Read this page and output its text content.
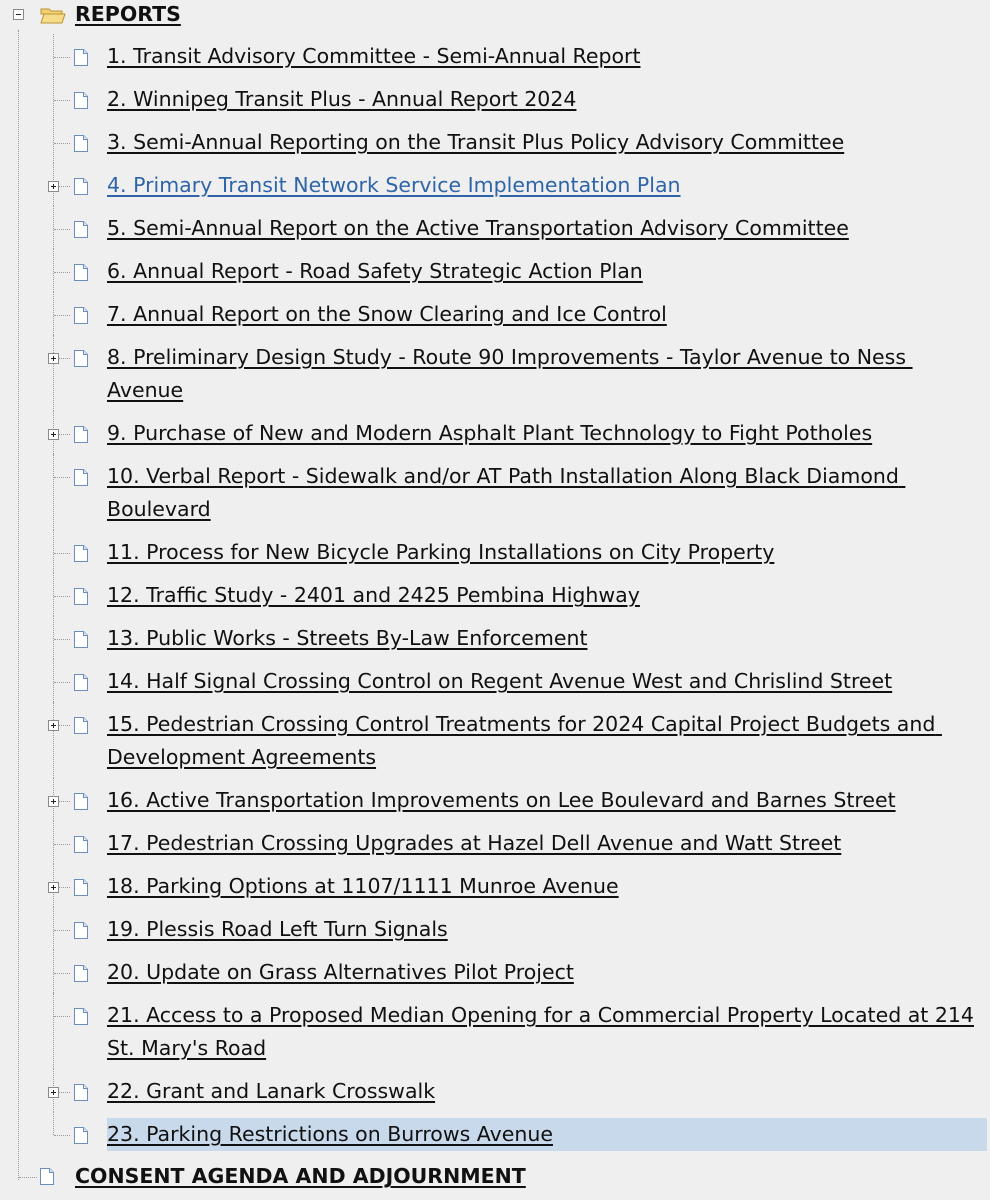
REPORTS
1. Transit Advisory Committee - Semi-Annual Report
2. Winnipeg Transit Plus - Annual Report 2024
3. Semi-Annual Reporting on the Transit Plus Policy Advisory Committee
4. Primary Transit Network Service Implementation Plan
5. Semi-Annual Report on the Active Transportation Advisory Committee
6. Annual Report - Road Safety Strategic Action Plan
7. Annual Report on the Snow Clearing and Ice Control
8. Preliminary Design Study - Route 90 Improvements - Taylor Avenue to Ness Avenue
9. Purchase of New and Modern Asphalt Plant Technology to Fight Potholes
10. Verbal Report - Sidewalk and/or AT Path Installation Along Black Diamond Boulevard
11. Process for New Bicycle Parking Installations on City Property
12. Traffic Study - 2401 and 2425 Pembina Highway
13. Public Works - Streets By-Law Enforcement
14. Half Signal Crossing Control on Regent Avenue West and Chrislind Street
15. Pedestrian Crossing Control Treatments for 2024 Capital Project Budgets and Development Agreements
16. Active Transportation Improvements on Lee Boulevard and Barnes Street
17. Pedestrian Crossing Upgrades at Hazel Dell Avenue and Watt Street
18. Parking Options at 1107/1111 Munroe Avenue
19. Plessis Road Left Turn Signals
20. Update on Grass Alternatives Pilot Project
21. Access to a Proposed Median Opening for a Commercial Property Located at 214
St. Mary's Road
22. Grant and Lanark Crosswalk
23. Parking Restrictions on Burrows Avenue
CONSENT AGENDA AND ADJOURNMENT
